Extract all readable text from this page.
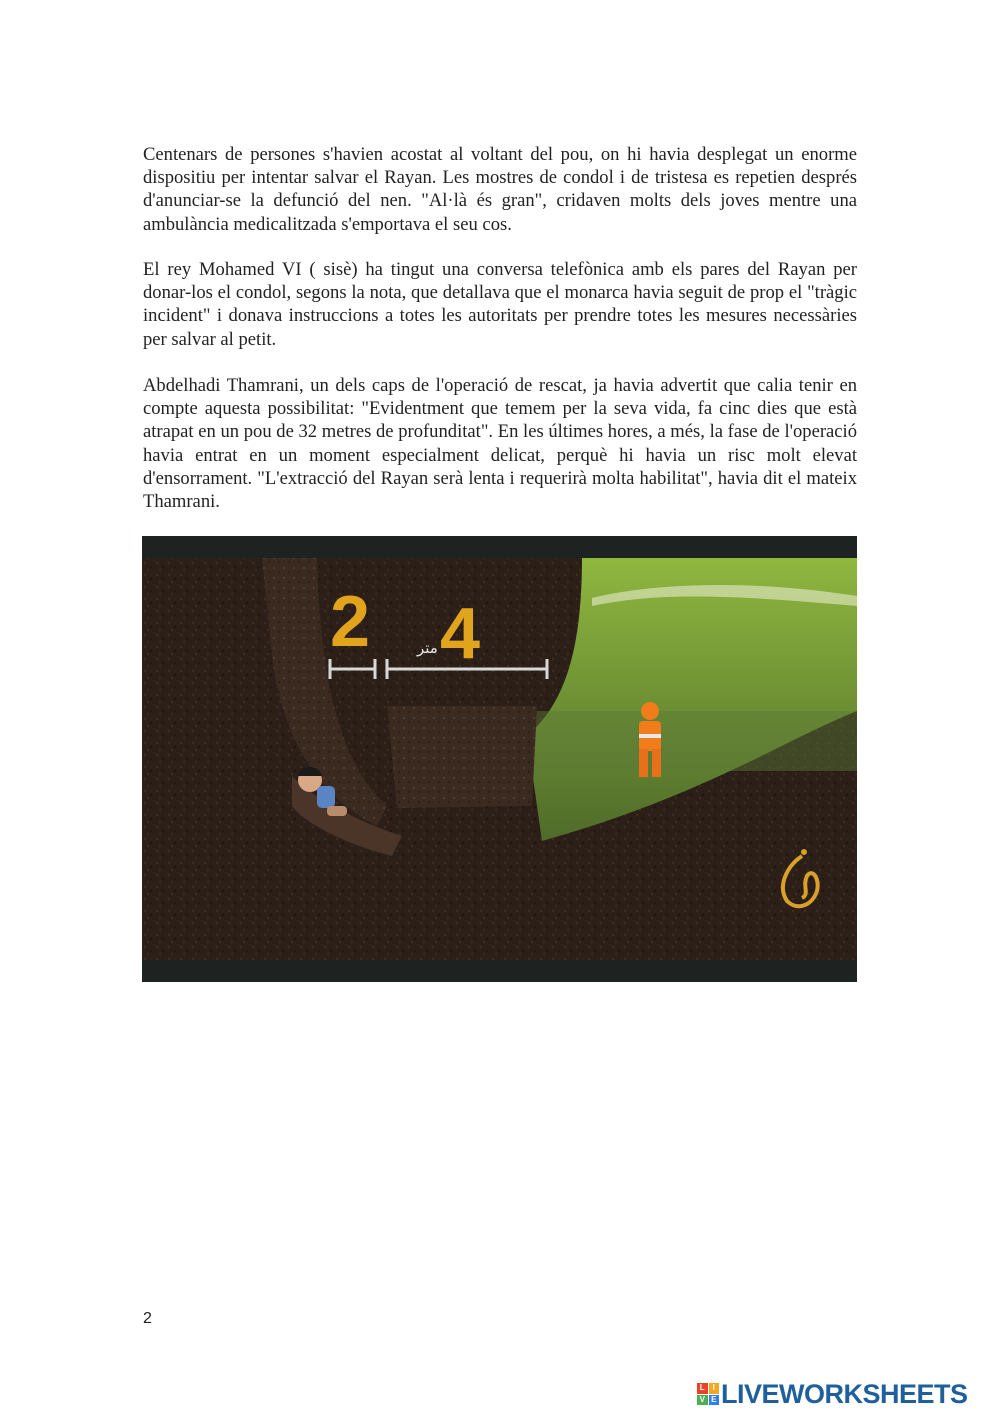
Centenars de persones s'havien acostat al voltant del pou, on hi havia desplegat un enorme dispositiu per intentar salvar el Rayan. Les mostres de condol i de tristesa es repetien després d'anunciar-se la defunció del nen. "Al·là és gran", cridaven molts dels joves mentre una ambulància medicalitzada s'emportava el seu cos.

El rey Mohamed VI ( sisè) ha tingut una conversa telefònica amb els pares del Rayan per donar-los el condol, segons la nota, que detallava que el monarca havia seguit de prop el "tràgic incident" i donava instruccions a totes les autoritats per prendre totes les mesures necessàries per salvar al petit.

Abdelhadi Thamrani, un dels caps de l'operació de rescat, ja havia advertit que calia tenir en compte aquesta possibilitat: "Evidentment que temem per la seva vida, fa cinc dies que està atrapat en un pou de 32 metres de profunditat". En les últimes hores, a més, la fase de l'operació havia entrat en un moment especialment delicat, perquè hi havia un risc molt elevat d'ensorrament. "L'extracció del Rayan serà lenta i requerirà molta habilitat", havia dit el mateix Thamrani.

2 4
متر
2
L I
V E LIVEWORKSHEETS
